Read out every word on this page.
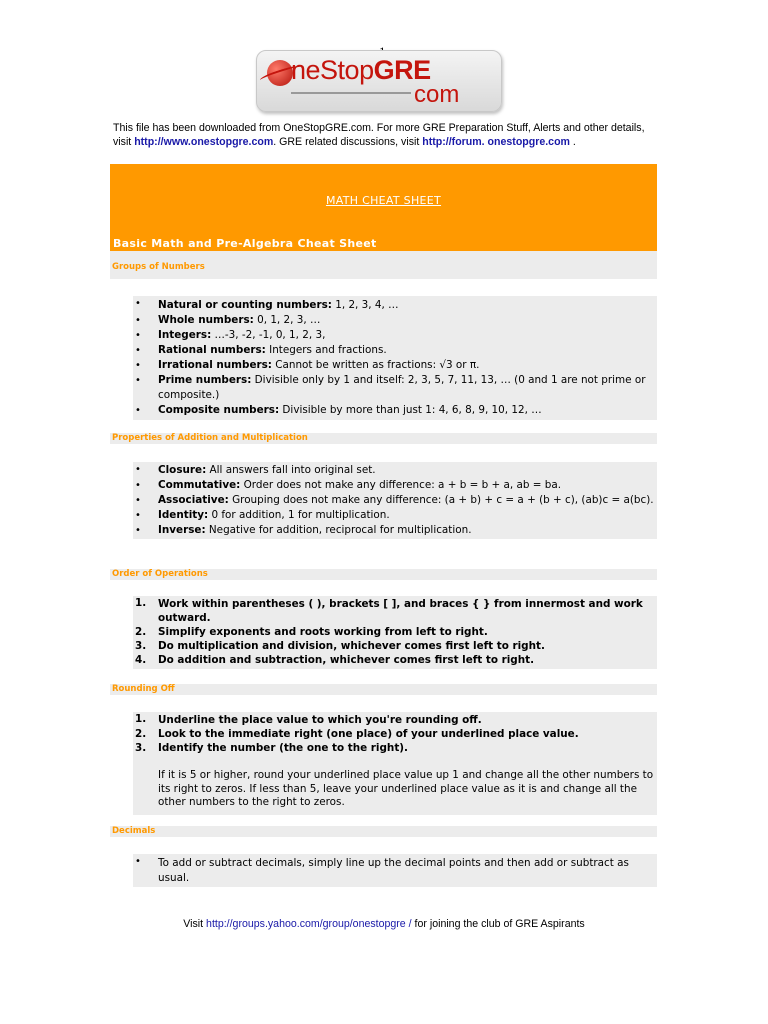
neStopGRE
com
This file has been downloaded from OneStopGRE.com. For more GRE Preparation Stuff, Alerts and other details, visit http://www.onestopgre.com. GRE related discussions, visit http://forum. onestopgre.com .
MATH CHEAT SHEET
Basic Math and Pre-Algebra Cheat Sheet
Groups of Numbers
• Natural or counting numbers: 1, 2, 3, 4, …
• Whole numbers: 0, 1, 2, 3, …
• Integers: …-3, -2, -1, 0, 1, 2, 3,
• Rational numbers: Integers and fractions.
• Irrational numbers: Cannot be written as fractions: √3 or π.
• Prime numbers: Divisible only by 1 and itself: 2, 3, 5, 7, 11, 13, … (0 and 1 are not prime or composite.)
• Composite numbers: Divisible by more than just 1: 4, 6, 8, 9, 10, 12, …
Properties of Addition and Multiplication
• Closure: All answers fall into original set.
• Commutative: Order does not make any difference: a + b = b + a, ab = ba.
• Associative: Grouping does not make any difference: (a + b) + c = a + (b + c), (ab)c = a(bc).
• Identity: 0 for addition, 1 for multiplication.
• Inverse: Negative for addition, reciprocal for multiplication.
Order of Operations
1. Work within parentheses ( ), brackets [ ], and braces { } from innermost and work outward.
2. Simplify exponents and roots working from left to right.
3. Do multiplication and division, whichever comes first left to right.
4. Do addition and subtraction, whichever comes first left to right.
Rounding Off
1. Underline the place value to which you're rounding off.
2. Look to the immediate right (one place) of your underlined place value.
3. Identify the number (the one to the right).
If it is 5 or higher, round your underlined place value up 1 and change all the other numbers to its right to zeros. If less than 5, leave your underlined place value as it is and change all the other numbers to the right to zeros.
Decimals
• To add or subtract decimals, simply line up the decimal points and then add or subtract as usual.
Visit http://groups.yahoo.com/group/onestopgre / for joining the club of GRE Aspirants
